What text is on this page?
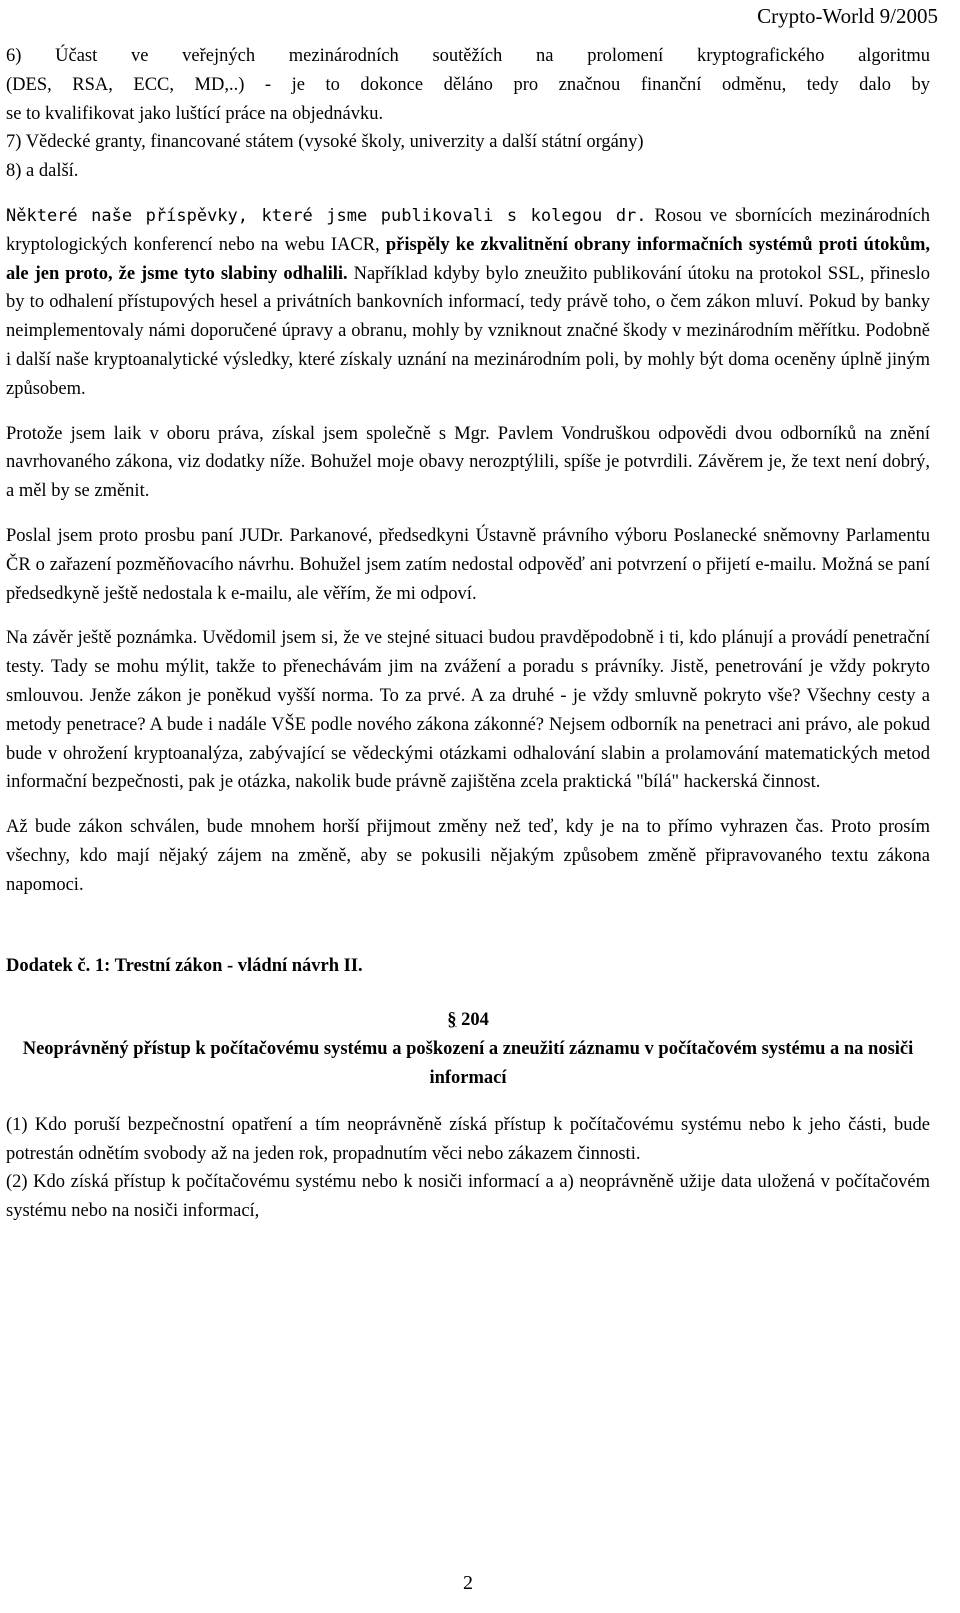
Crypto-World 9/2005

6) Účast ve veřejných mezinárodních soutěžích na prolomení kryptografického algoritmu

(DES, RSA, ECC, MD,..) - je to dokonce děláno pro značnou finanční odměnu, tedy dalo by

se to kvalifikovat jako luštící práce na objednávku.

7) Vědecké granty, financované státem (vysoké školy, univerzity a další státní orgány)

8) a další.

Některé naše příspěvky, které jsme publikovali s kolegou dr. Rosou ve sbornících mezinárodních kryptologických konferencí nebo na webu IACR, přispěly ke zkvalitnění obrany informačních systémů proti útokům, ale jen proto, že jsme tyto slabiny odhalili. Například kdyby bylo zneužito publikování útoku na protokol SSL, přineslo by to odhalení přístupových hesel a privátních bankovních informací, tedy právě toho, o čem zákon mluví. Pokud by banky neimplementovaly námi doporučené úpravy a obranu, mohly by vzniknout značné škody v mezinárodním měřítku. Podobně i další naše kryptoanalytické výsledky, které získaly uznání na mezinárodním poli, by mohly být doma oceněny úplně jiným způsobem.

Protože jsem laik v oboru práva, získal jsem společně s Mgr. Pavlem Vondruškou odpovědi dvou odborníků na znění navrhovaného zákona, viz dodatky níže. Bohužel moje obavy nerozptýlili, spíše je potvrdili. Závěrem je, že text není dobrý, a měl by se změnit.

Poslal jsem proto prosbu paní JUDr. Parkanové, předsedkyni Ústavně právního výboru Poslanecké sněmovny Parlamentu ČR o zařazení pozměňovacího návrhu. Bohužel jsem zatím nedostal odpověď ani potvrzení o přijetí e-mailu. Možná se paní předsedkyně ještě nedostala k e-mailu, ale věřím, že mi odpoví.

Na závěr ještě poznámka. Uvědomil jsem si, že ve stejné situaci budou pravděpodobně i ti, kdo plánují a provádí penetrační testy. Tady se mohu mýlit, takže to přenechávám jim na zvážení a poradu s právníky. Jistě, penetrování je vždy pokryto smlouvou. Jenže zákon je poněkud vyšší norma. To za prvé. A za druhé - je vždy smluvně pokryto vše? Všechny cesty a metody penetrace? A bude i nadále VŠE podle nového zákona zákonné? Nejsem odborník na penetraci ani právo, ale pokud bude v ohrožení kryptoanalýza, zabývající se vědeckými otázkami odhalování slabin a prolamování matematických metod informační bezpečnosti, pak je otázka, nakolik bude právně zajištěna zcela praktická "bílá" hackerská činnost.

Až bude zákon schválen, bude mnohem horší přijmout změny než teď, kdy je na to přímo vyhrazen čas. Proto prosím všechny, kdo mají nějaký zájem na změně, aby se pokusili nějakým způsobem změně připravovaného textu zákona napomoci.

Dodatek č. 1: Trestní zákon - vládní návrh II.

§ 204

Neoprávněný přístup k počítačovému systému a poškození a zneužití záznamu v počítačovém systému a na nosiči informací

(1) Kdo poruší bezpečnostní opatření a tím neoprávněně získá přístup k počítačovému systému nebo k jeho části, bude potrestán odnětím svobody až na jeden rok, propadnutím věci nebo zákazem činnosti.

(2) Kdo získá přístup k počítačovému systému nebo k nosiči informací a a) neoprávněně užije data uložená v počítačovém systému nebo na nosiči informací,

2
